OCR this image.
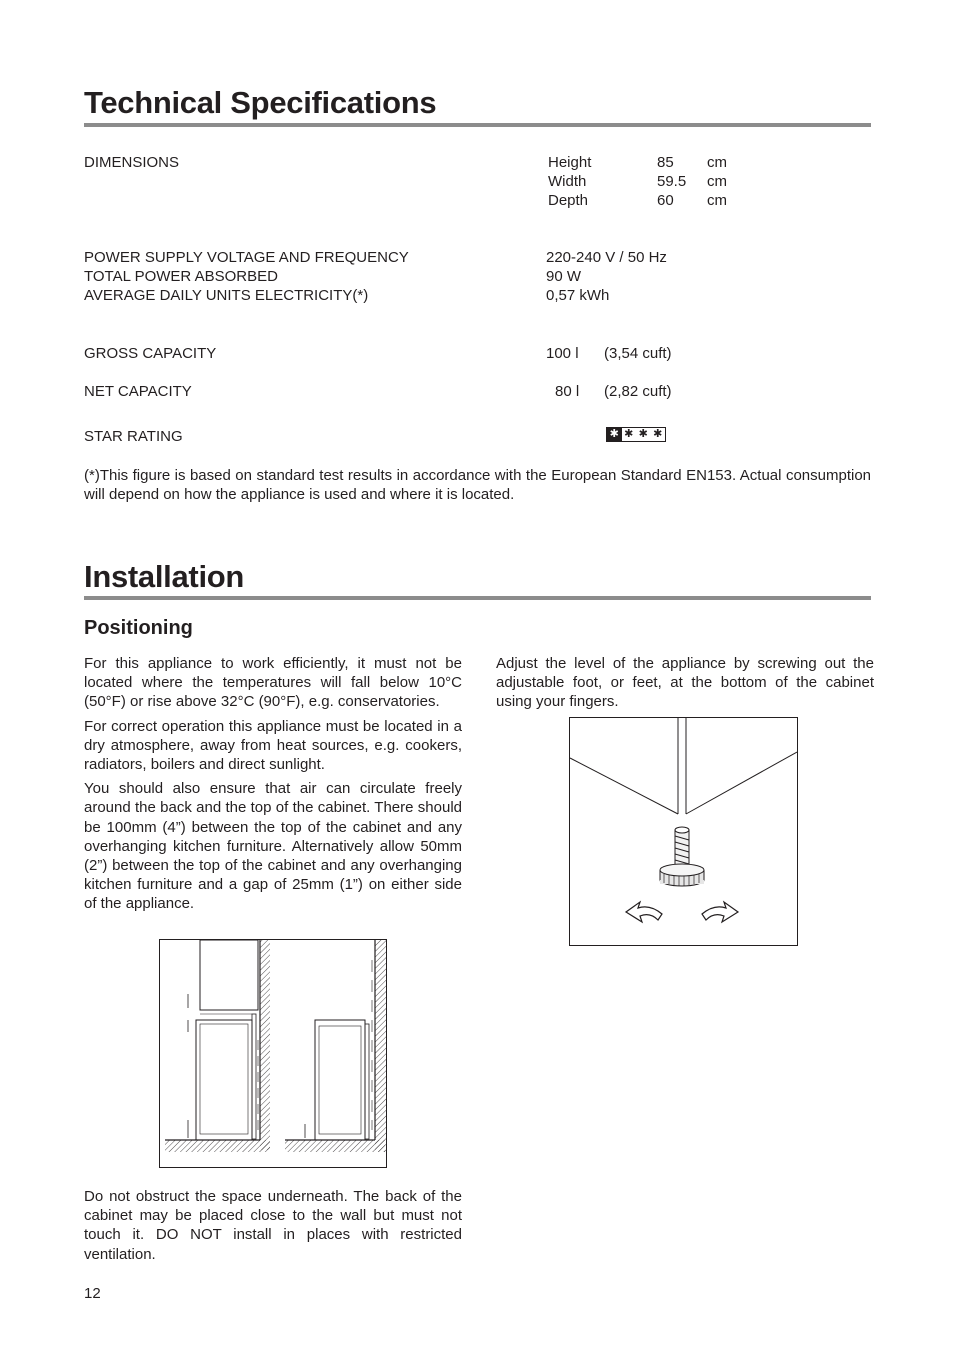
Technical Specifications
DIMENSIONS	Height	85 cm
Width	59.5 cm
Depth	60 cm
POWER SUPPLY VOLTAGE AND FREQUENCY	220-240 V / 50 Hz
TOTAL POWER ABSORBED	90 W
AVERAGE DAILY UNITS ELECTRICITY(*)	0,57 kWh
GROSS CAPACITY	100 l (3,54 cuft)
NET CAPACITY	80 l (2,82 cuft)
STAR RATING	✱ ✱ ✱ ✱
(*)This figure is based on standard test results in accordance with the European Standard EN153. Actual consumption will depend on how the appliance is used and where it is located.
Installation
Positioning

For this appliance to work efficiently, it must not be located where the temperatures will fall below 10°C (50°F) or rise above 32°C (90°F), e.g. conservatories.

For correct operation this appliance must be located in a dry atmosphere, away from heat sources, e.g. cookers, radiators, boilers and direct sunlight.

You should also ensure that air can circulate freely around the back and the top of the cabinet. There should be 100mm (4”) between the top of the cabinet and any overhanging kitchen furniture. Alternatively allow 50mm (2”) between the top of the cabinet and any overhanging kitchen furniture and a gap of 25mm (1”) on either side of the appliance.

Do not obstruct the space underneath. The back of the cabinet may be placed close to the wall but must not touch it. DO NOT install in places with restricted ventilation.
Adjust the level of the appliance by screwing out the adjustable foot, or feet, at the bottom of the cabinet using your fingers.
12
